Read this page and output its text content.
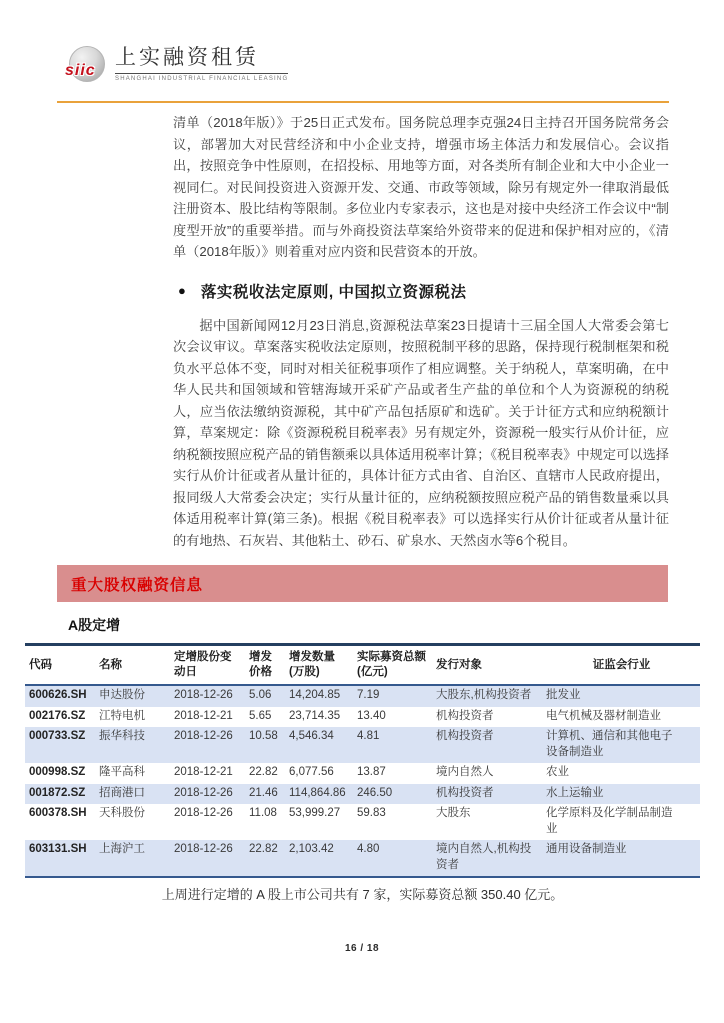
siic
上实融资租赁
SHANGHAI INDUSTRIAL FINANCIAL LEASING

清单（2018年版）》于25日正式发布。国务院总理李克强24日主持召开国务院常务会议，部署加大对民营经济和中小企业支持，增强市场主体活力和发展信心。会议指出，按照竞争中性原则，在招投标、用地等方面，对各类所有制企业和大中小企业一视同仁。对民间投资进入资源开发、交通、市政等领域，除另有规定外一律取消最低注册资本、股比结构等限制。多位业内专家表示，这也是对接中央经济工作会议中“制度型开放”的重要举措。而与外商投资法草案给外资带来的促进和保护相对应的，《清单（2018年版）》则着重对应内资和民营资本的开放。

● 落实税收法定原则, 中国拟立资源税法

据中国新闻网12月23日消息,资源税法草案23日提请十三届全国人大常委会第七次会议审议。草案落实税收法定原则，按照税制平移的思路，保持现行税制框架和税负水平总体不变，同时对相关征税事项作了相应调整。关于纳税人，草案明确，在中华人民共和国领域和管辖海域开采矿产品或者生产盐的单位和个人为资源税的纳税人，应当依法缴纳资源税，其中矿产品包括原矿和选矿。关于计征方式和应纳税额计算，草案规定：除《资源税税目税率表》另有规定外，资源税一般实行从价计征，应纳税额按照应税产品的销售额乘以具体适用税率计算；《税目税率表》中规定可以选择实行从价计征或者从量计征的，具体计征方式由省、自治区、直辖市人民政府提出，报同级人大常委会决定；实行从量计征的，应纳税额按照应税产品的销售数量乘以具体适用税率计算(第三条)。根据《税目税率表》可以选择实行从价计征或者从量计征的有地热、石灰岩、其他粘土、砂石、矿泉水、天然卤水等6个税目。

重大股权融资信息
A股定增
代码	名称	定增股份变动日	增发价格	增发数量(万股)	实际募资总额(亿元)	发行对象	证监会行业
600626.SH	申达股份	2018-12-26	5.06	14,204.85	7.19	大股东,机构投资者	批发业
002176.SZ	江特电机	2018-12-21	5.65	23,714.35	13.40	机构投资者	电气机械及器材制造业
000733.SZ	振华科技	2018-12-26	10.58	4,546.34	4.81	机构投资者	计算机、通信和其他电子设备制造业
000998.SZ	隆平高科	2018-12-21	22.82	6,077.56	13.87	境内自然人	农业
001872.SZ	招商港口	2018-12-26	21.46	114,864.86	246.50	机构投资者	水上运输业
600378.SH	天科股份	2018-12-26	11.08	53,999.27	59.83	大股东	化学原料及化学制品制造业
603131.SH	上海沪工	2018-12-26	22.82	2,103.42	4.80	境内自然人,机构投资者	通用设备制造业

上周进行定增的 A 股上市公司共有 7 家，实际募资总额 350.40 亿元。

16 / 18
